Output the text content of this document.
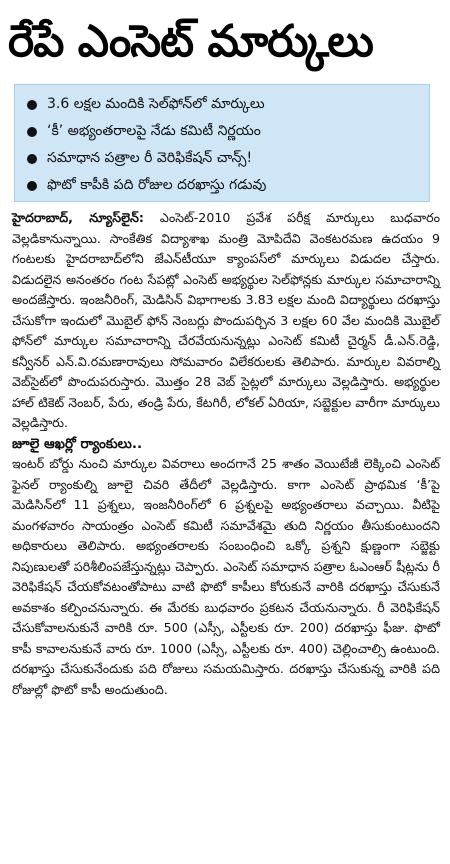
రేపే ఎంసెట్ మార్కులు
3.6 లక్షల మందికి సెల్‌ఫోన్‌లో మార్కులు
‘కీ’ అభ్యంతరాలపై నేడు కమిటీ నిర్ణయం
సమాధాన పత్రాల రీ వెరిఫికేషన్ చాన్స్!
ఫొటో కాపీకి పది రోజుల దరఖాస్తు గడువు

హైదరాబాద్, న్యూస్‌లైన్: ఎంసెట్-2010 ప్రవేశ పరీక్ష మార్కులు బుధవారం వెల్లడికానున్నాయి. సాంకేతిక విద్యాశాఖ మంత్రి మోపిదేవి వెంకటరమణ ఉదయం 9 గంటలకు హైదరాబాద్‌లోని జేఎన్‌టీయూ క్యాంపస్‌లో మార్కులు విడుదల చేస్తారు. విడుదలైన అనంతరం గంట సేపట్లో ఎంసెట్ అభ్యర్థుల సెల్‌ఫోన్లకు మార్కుల సమాచారాన్ని అందజేస్తారు. ఇంజనీరింగ్, మెడిసిన్ విభాగాలకు 3.83 లక్షల మంది విద్యార్థులు దరఖాస్తు చేసుకోగా ఇందులో మొబైల్ ఫోన్ నెంబర్లు పొందుపర్చిన 3 లక్షల 60 వేల మందికి మొబైల్ ఫోన్‌లో మార్కుల సమాచారాన్ని చేరవేయనున్నట్లు ఎంసెట్ కమిటీ చైర్మన్ డీ.ఎన్.రెడ్డి, కన్వీనర్ ఎన్.వి.రమణారావులు సోమవారం విలేకరులకు తెలిపారు. మార్కుల వివరాల్ని వెబ్‌సైట్‌లో పొందుపరుస్తారు. మొత్తం 28 వెబ్ సైట్లలో మార్కులు వెల్లడిస్తారు. అభ్యర్థుల హాల్ టికెట్ నెంబర్, పేరు, తండ్రి పేరు, కేటగిరీ, లోకల్ ఏరియా, సబ్జెక్టుల వారీగా మార్కులు వెల్లడిస్తారు.

జూలై ఆఖర్లో ర్యాంకులు..

ఇంటర్ బోర్డు నుంచి మార్కుల వివరాలు అందగానే 25 శాతం వెయిటేజీ లెక్కించి ఎంసెట్ ఫైనల్ ర్యాంకుల్ని జూలై చివరి తేదీలో వెల్లడిస్తారు. కాగా ఎంసెట్ ప్రాథమిక ‘కీ’పై మెడిసిన్‌లో 11 ప్రశ్నలు, ఇంజనీరింగ్‌లో 6 ప్రశ్నలపై అభ్యంతరాలు వచ్చాయి. వీటిపై మంగళవారం సాయంత్రం ఎంసెట్ కమిటీ సమావేశమై తుది నిర్ణయం తీసుకుంటుందని అధికారులు తెలిపారు. అభ్యంతరాలకు సంబంధించి ఒక్కో ప్రశ్నని క్షుణ్ణంగా సబ్జెక్టు నిపుణులతో పరిశీలింపజేస్తున్నట్లు చెప్పారు. ఎంసెట్ సమాధాన పత్రాల ఓఎంఆర్ షీట్లను రీ వెరిఫికేషన్ చేయకోవటంతోపాటు వాటి ఫొటో కాపీలు కోరుకునే వారికి దరఖాస్తు చేసుకునే అవకాశం కల్పించనున్నారు. ఈ మేరకు బుధవారం ప్రకటన చేయనున్నారు. రీ వెరిఫికేషన్ చేసుకోవాలనుకునే వారికి రూ. 500 (ఎస్సీ, ఎస్టీలకు రూ. 200) దరఖాస్తు ఫీజు. ఫొటో కాపీ కావాలనుకునే వారు రూ. 1000 (ఎస్సీ, ఎస్టీలకు రూ. 400) చెల్లించాల్సి ఉంటుంది. దరఖాస్తు చేసుకునేందుకు పది రోజులు సమయమిస్తారు. దరఖాస్తు చేసుకున్న వారికి పది రోజుల్లో ఫొటో కాపీ అందుతుంది.
